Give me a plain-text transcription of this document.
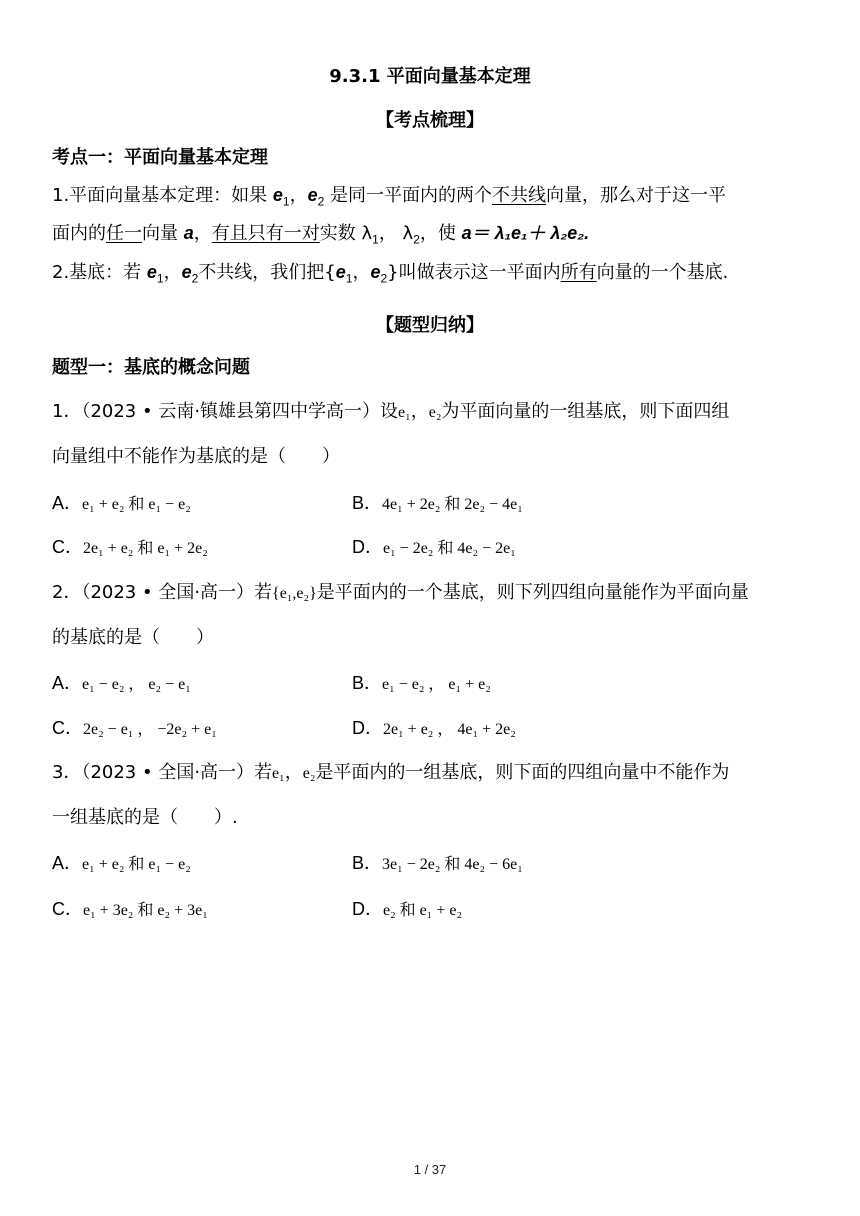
9.3.1 平面向量基本定理
【考点梳理】
考点一：平面向量基本定理
1.平面向量基本定理：如果 $e_1$，$e_2$ 是同一平面内的两个不共线向量，那么对于这一平
面内的任一向量 a，有且只有一对实数 $\lambda_1$， $\lambda_2$，使 a＝ λ₁e₁＋ λ₂e₂.
2.基底：若 $e_1$，$e_2$不共线，我们把{$e_1$，$e_2$}叫做表示这一平面内所有向量的一个基底.
【题型归纳】
题型一：基底的概念问题
1．（2023 • 云南·镇雄县第四中学高一）设e₁，e₂为平面向量的一组基底，则下面四组
向量组中不能作为基底的是（　　）
A．e₁ + e₂ 和 e₁ − e₂	B．4e₁ + 2e₂ 和 2e₂ − 4e₁
C．2e₁ + e₂ 和 e₁ + 2e₂	D．e₁ − 2e₂ 和 4e₂ − 2e₁
2．（2023 • 全国·高一）若{e₁,e₂}是平面内的一个基底，则下列四组向量能作为平面向量
的基底的是（　　）
A．e₁ − e₂ ， e₂ − e₁	B．e₁ − e₂ ， e₁ + e₂
C．2e₂ − e₁ ， −2e₂ + e₁	D．2e₁ + e₂ ， 4e₁ + 2e₂
3．（2023 • 全国·高一）若e₁，e₂是平面内的一组基底，则下面的四组向量中不能作为
一组基底的是（　　）.
A．e₁ + e₂ 和 e₁ − e₂	B．3e₁ − 2e₂ 和 4e₂ − 6e₁
C．e₁ + 3e₂ 和 e₂ + 3e₁	D．e₂ 和 e₁ + e₂
1 / 37
